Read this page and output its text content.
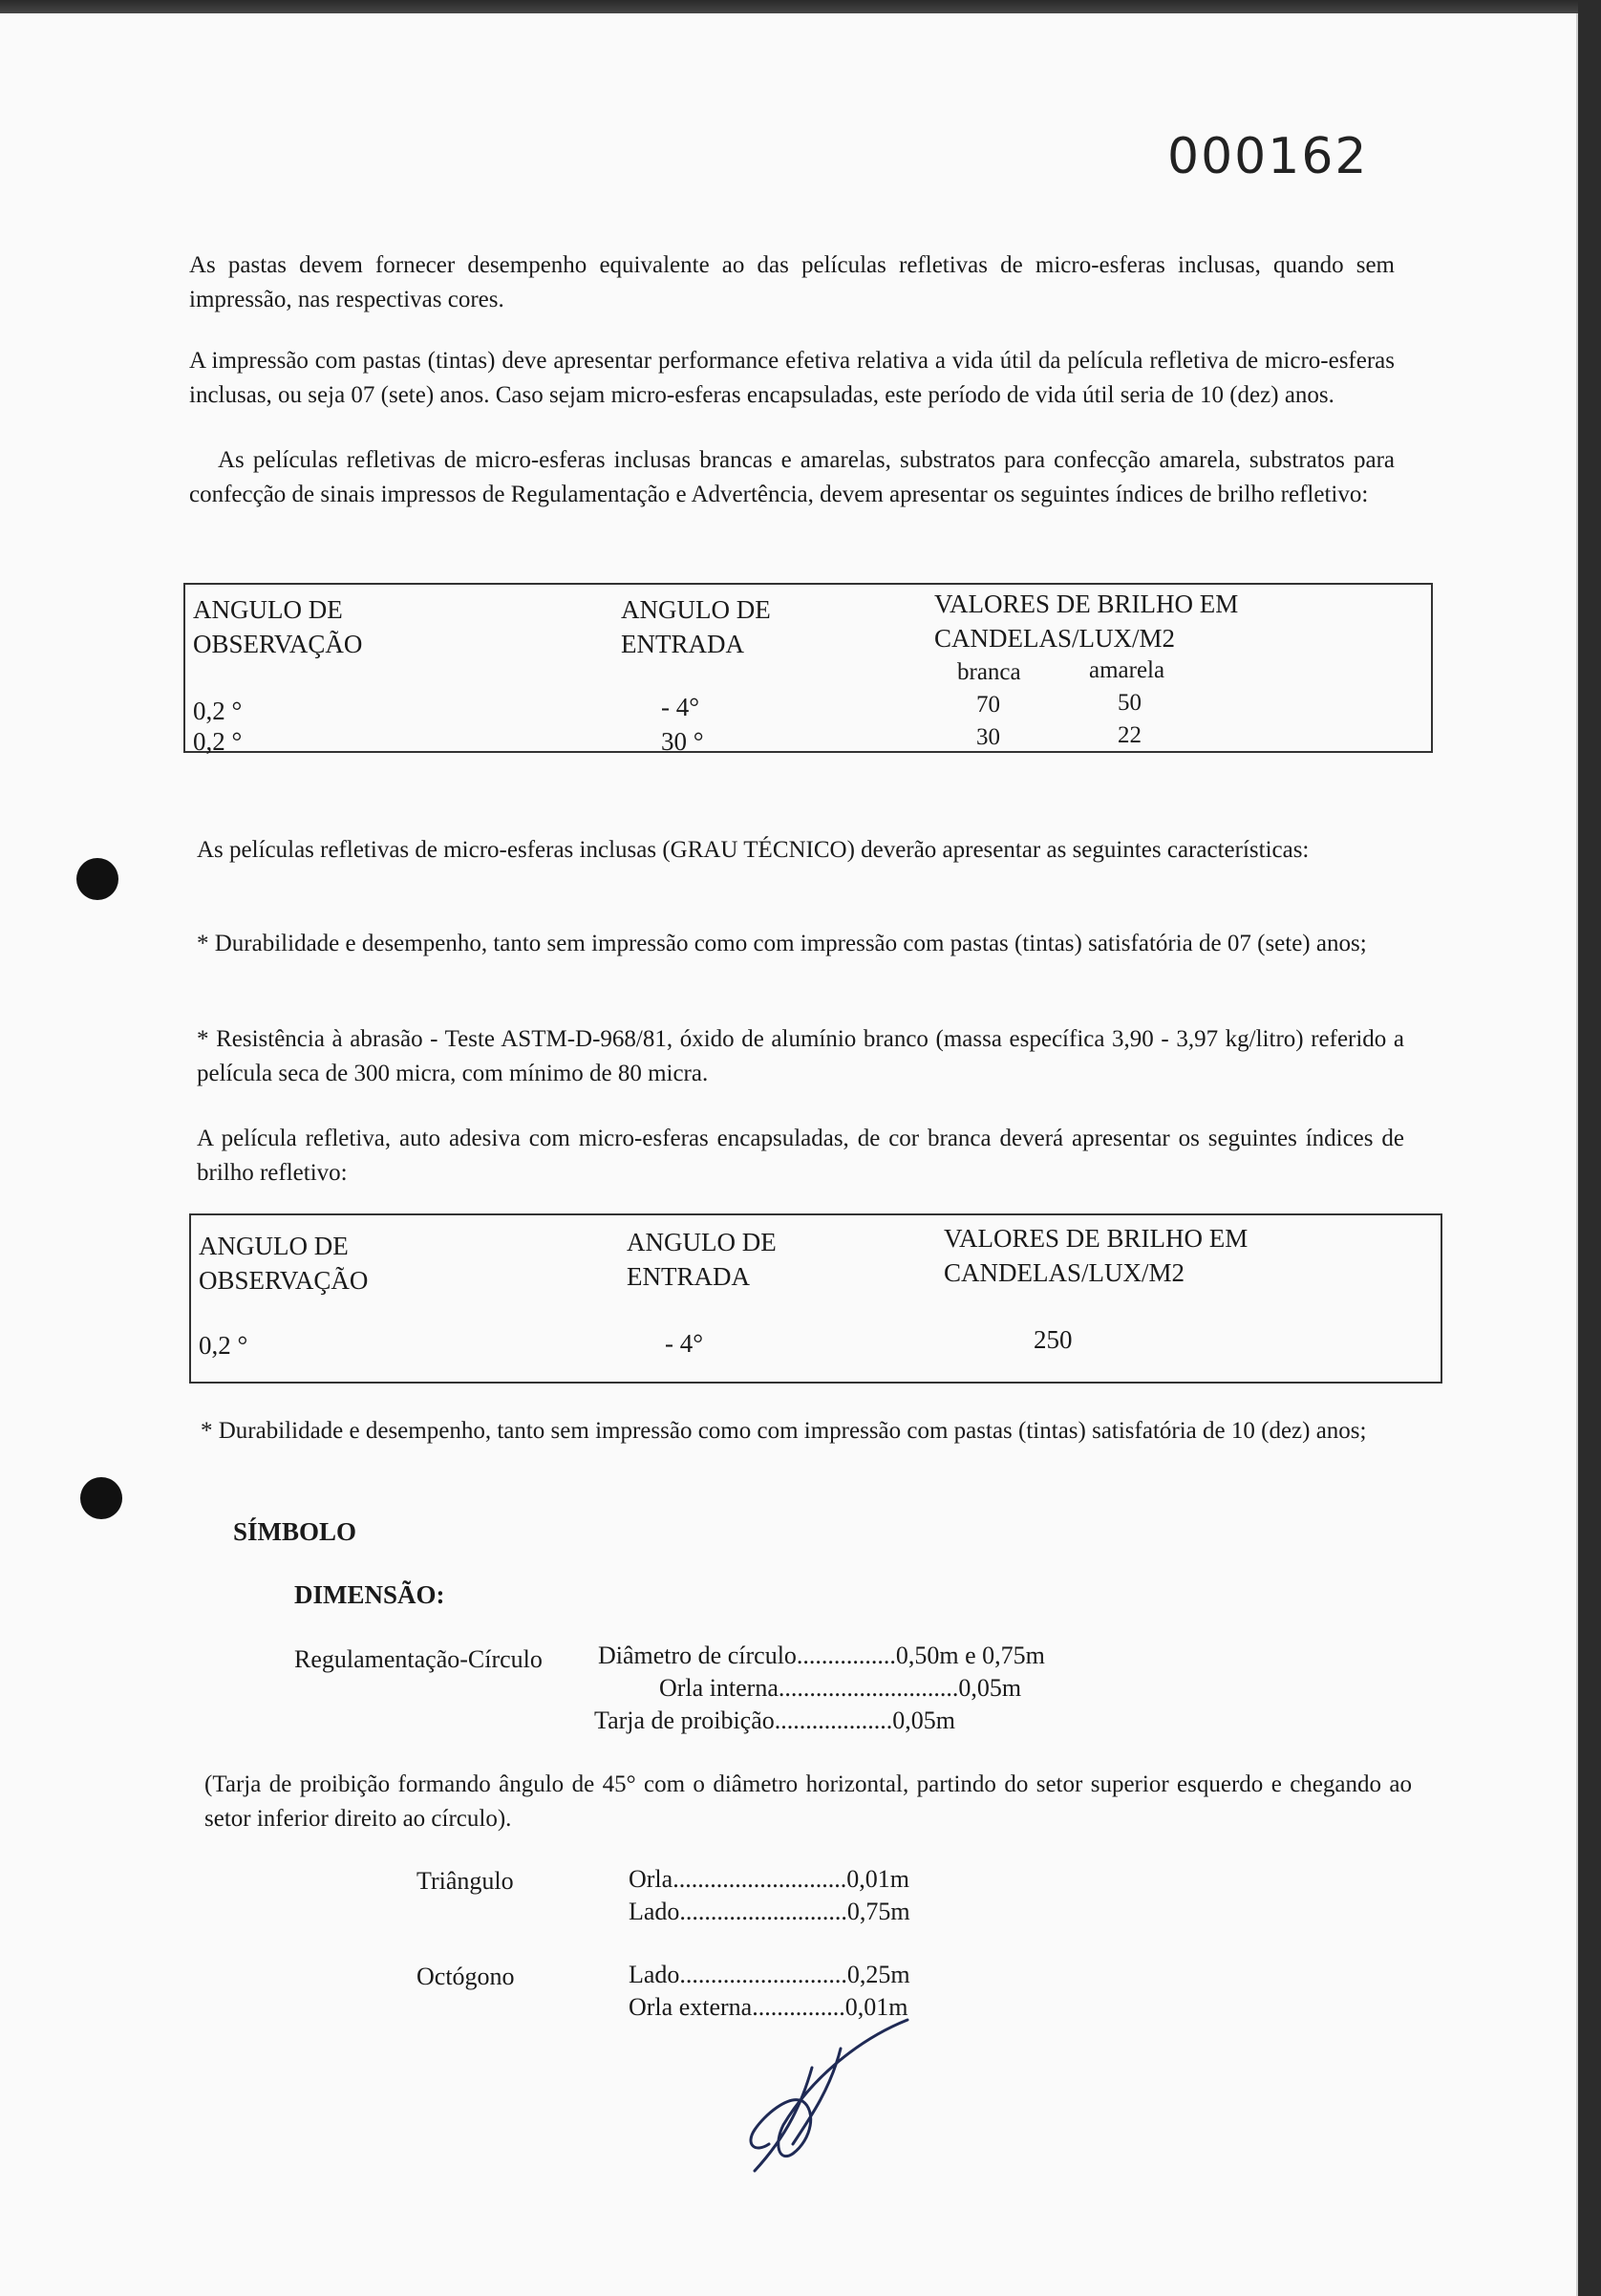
000162

As pastas devem fornecer desempenho equivalente ao das películas refletivas de micro-esferas inclusas, quando sem impressão, nas respectivas cores.

A impressão com pastas (tintas) deve apresentar performance efetiva relativa a vida útil da película refletiva de micro-esferas inclusas, ou seja 07 (sete) anos. Caso sejam micro-esferas encapsuladas, este período de vida útil seria de 10 (dez) anos.

As películas refletivas de micro-esferas inclusas brancas e amarelas, substratos para confecção amarela, substratos para confecção de sinais impressos de Regulamentação e Advertência, devem apresentar os seguintes índices de brilho refletivo:

ANGULO DE
OBSERVAÇÃO
ANGULO DE
ENTRADA
VALORES DE BRILHO EM
CANDELAS/LUX/M2
branca	amarela
0,2 °	- 4°	70	50
0,2 °	30 °	30	22

As películas refletivas de micro-esferas inclusas (GRAU TÉCNICO) deverão apresentar as seguintes características:

* Durabilidade e desempenho, tanto sem impressão como com impressão com pastas (tintas) satisfatória de 07 (sete) anos;

* Resistência à abrasão - Teste ASTM-D-968/81, óxido de alumínio branco (massa específica 3,90 - 3,97 kg/litro) referido a película seca de 300 micra, com mínimo de 80 micra.

A película refletiva, auto adesiva com micro-esferas encapsuladas, de cor branca deverá apresentar os seguintes índices de brilho refletivo:

ANGULO DE
OBSERVAÇÃO
ANGULO DE
ENTRADA
VALORES DE BRILHO EM
CANDELAS/LUX/M2
0,2 °	- 4°	250

* Durabilidade e desempenho, tanto sem impressão como com impressão com pastas (tintas) satisfatória de 10 (dez) anos;

SÍMBOLO
DIMENSÃO:
Regulamentação-Círculo Diâmetro de círculo................0,50m e 0,75m
Orla interna.............................0,05m
Tarja de proibição...................0,05m

(Tarja de proibição formando ângulo de 45° com o diâmetro horizontal, partindo do setor superior esquerdo e chegando ao setor inferior direito ao círculo).

Triângulo	Orla............................0,01m
Lado...........................0,75m
Octógono	Lado...........................0,25m
Orla externa...............0,01m
